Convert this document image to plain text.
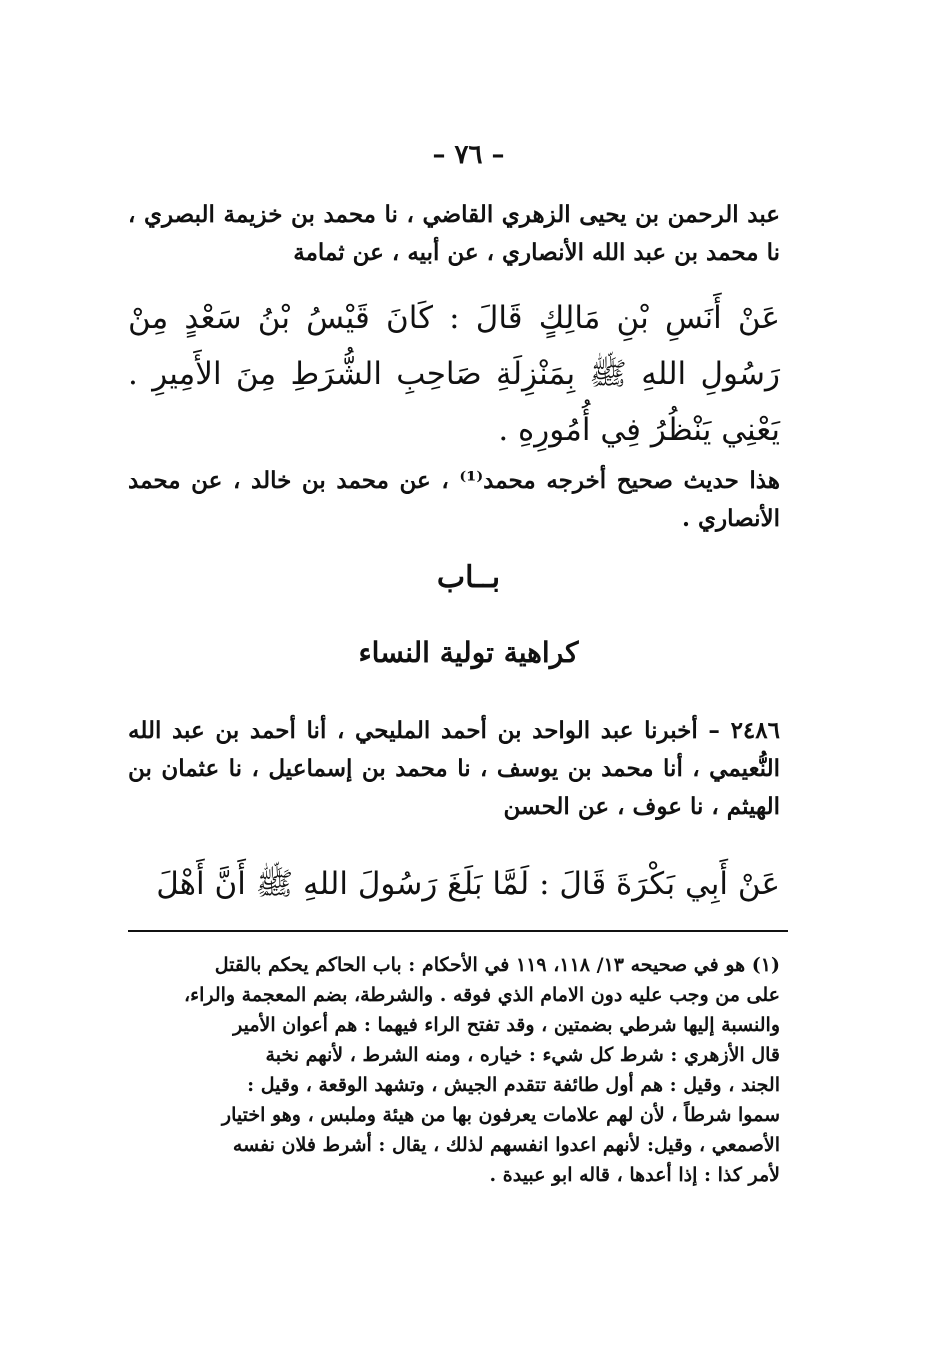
– ٧٦ –
عبد الرحمن بن يحيى الزهري القاضي ، نا محمد بن خزيمة البصري ، نا محمد بن عبد الله الأنصاري ، عن أبيه ، عن ثمامة
عَنْ أَنَسِ بْنِ مَالِكٍ قَالَ : كَانَ قَيْسُ بْنُ سَعْدٍ مِنْ رَسُولِ اللهِ ﷺ بِمَنْزِلَةِ صَاحِبِ الشُّرَطِ مِنَ الأَمِيرِ . يَعْنِي يَنْظُرُ فِي أُمُورِهِ .
هذا حديث صحيح أخرجه محمد⁽¹⁾ ، عن محمد بن خالد ، عن محمد الأنصاري .
بــاب
كراهية تولية النساء
٢٤٨٦ – أخبرنا عبد الواحد بن أحمد المليحي ، أنا أحمد بن عبد الله النُّعيمي ، أنا محمد بن يوسف ، نا محمد بن إسماعيل ، نا عثمان بن الهيثم ، نا عوف ، عن الحسن
عَنْ أَبِي بَكْرَةَ قَالَ : لَمَّا بَلَغَ رَسُولَ اللهِ ﷺ أَنَّ أَهْلَ
(١) هو في صحيحه ١٣/ ١١٨، ١١٩ في الأحكام : باب الحاكم يحكم بالقتل
على من وجب عليه دون الامام الذي فوقه . والشرطة، بضم المعجمة والراء،
والنسبة إليها شرطي بضمتين ، وقد تفتح الراء فيهما : هم أعوان الأمير
قال الأزهري : شرط كل شيء : خياره ، ومنه الشرط ، لأنهم نخبة
الجند ، وقيل : هم أول طائفة تتقدم الجيش ، وتشهد الوقعة ، وقيل :
سموا شرطاً ، لأن لهم علامات يعرفون بها من هيئة وملبس ، وهو اختيار
الأصمعي ، وقيل: لأنهم اعدوا انفسهم لذلك ، يقال : أشرط فلان نفسه
لأمر كذا : إذا أعدها ، قاله ابو عبيدة .
